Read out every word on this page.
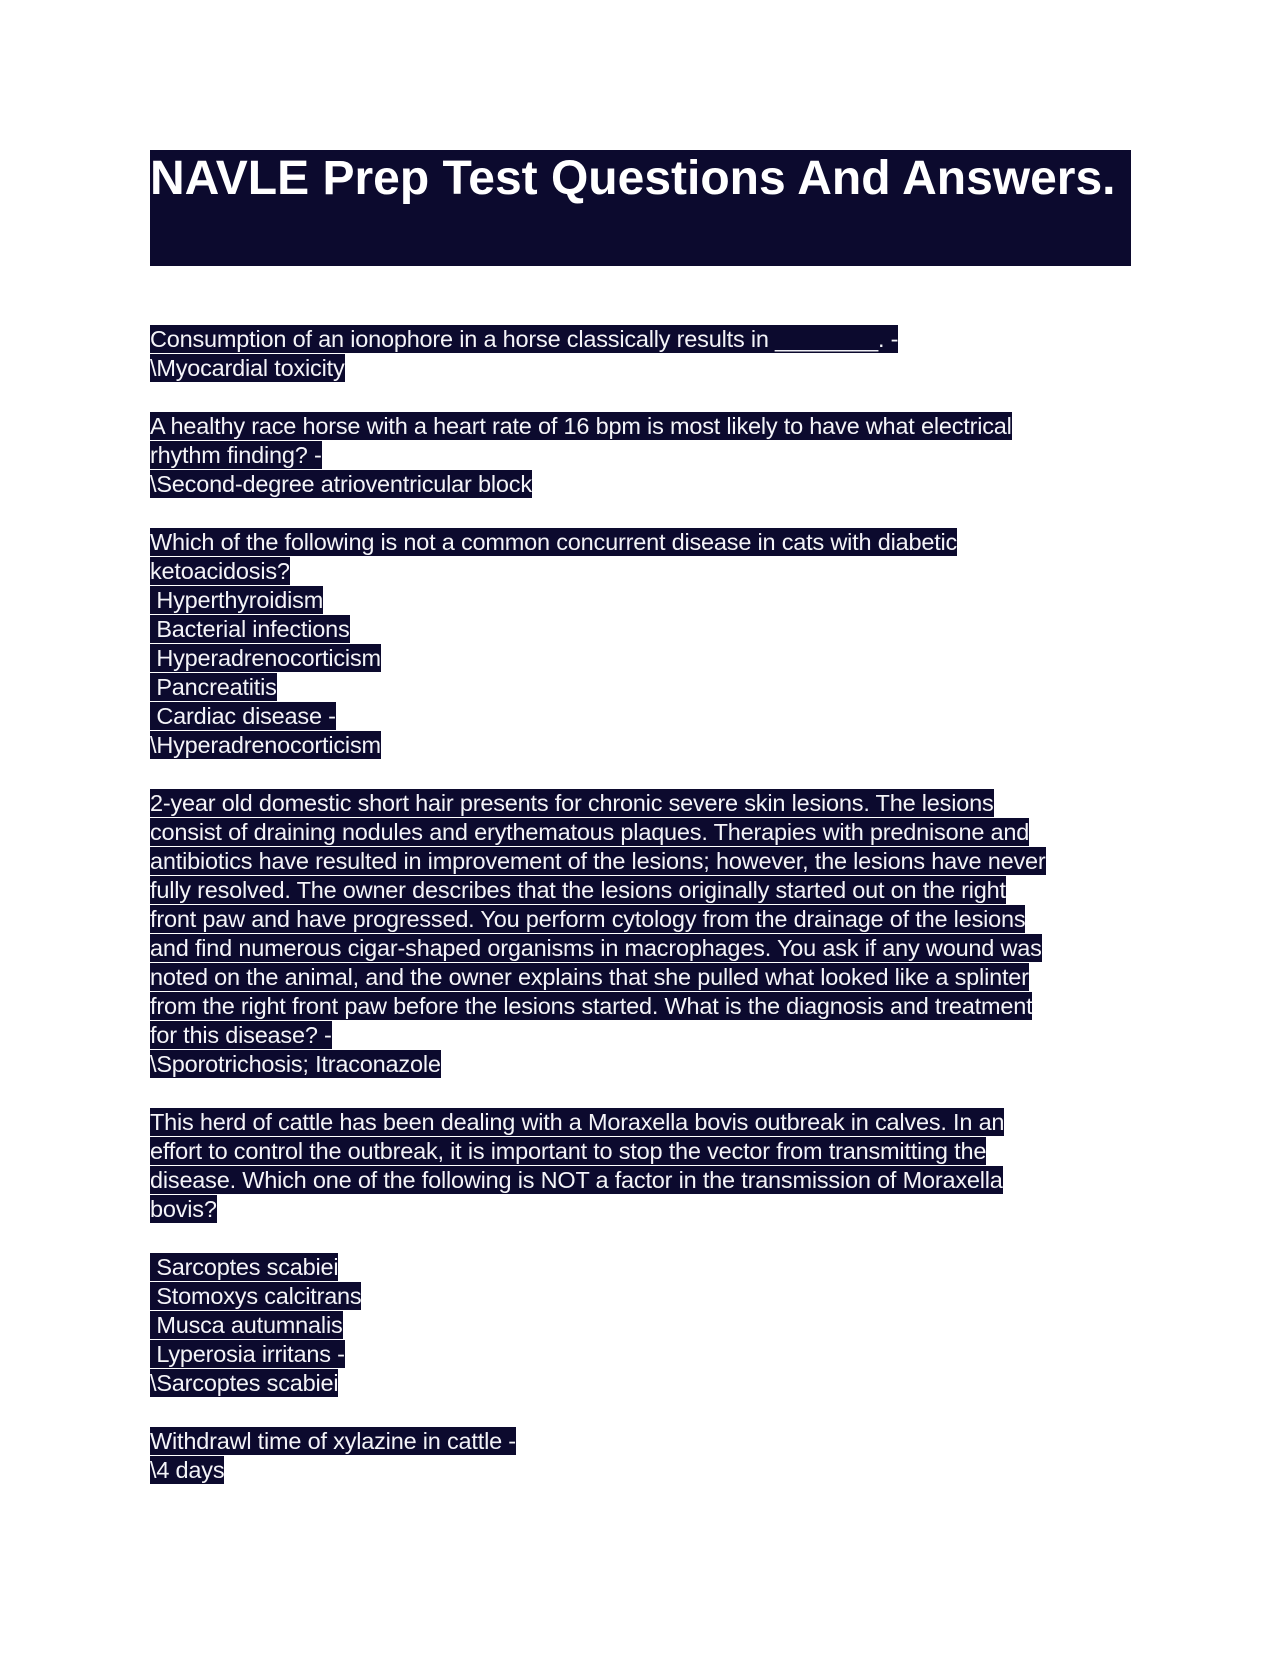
NAVLE Prep Test Questions And Answers.
Consumption of an ionophore in a horse classically results in ________. -
\Myocardial toxicity
A healthy race horse with a heart rate of 16 bpm is most likely to have what electrical
rhythm finding? -
\Second-degree atrioventricular block
Which of the following is not a common concurrent disease in cats with diabetic
ketoacidosis?
Hyperthyroidism
Bacterial infections
Hyperadrenocorticism
Pancreatitis
Cardiac disease -
\Hyperadrenocorticism
2-year old domestic short hair presents for chronic severe skin lesions. The lesions
consist of draining nodules and erythematous plaques. Therapies with prednisone and
antibiotics have resulted in improvement of the lesions; however, the lesions have never
fully resolved. The owner describes that the lesions originally started out on the right
front paw and have progressed. You perform cytology from the drainage of the lesions
and find numerous cigar-shaped organisms in macrophages. You ask if any wound was
noted on the animal, and the owner explains that she pulled what looked like a splinter
from the right front paw before the lesions started. What is the diagnosis and treatment
for this disease? -
\Sporotrichosis; Itraconazole
This herd of cattle has been dealing with a Moraxella bovis outbreak in calves. In an
effort to control the outbreak, it is important to stop the vector from transmitting the
disease. Which one of the following is NOT a factor in the transmission of Moraxella
bovis?
Sarcoptes scabiei
Stomoxys calcitrans
Musca autumnalis
Lyperosia irritans -
\Sarcoptes scabiei
Withdrawl time of xylazine in cattle -
\4 days
